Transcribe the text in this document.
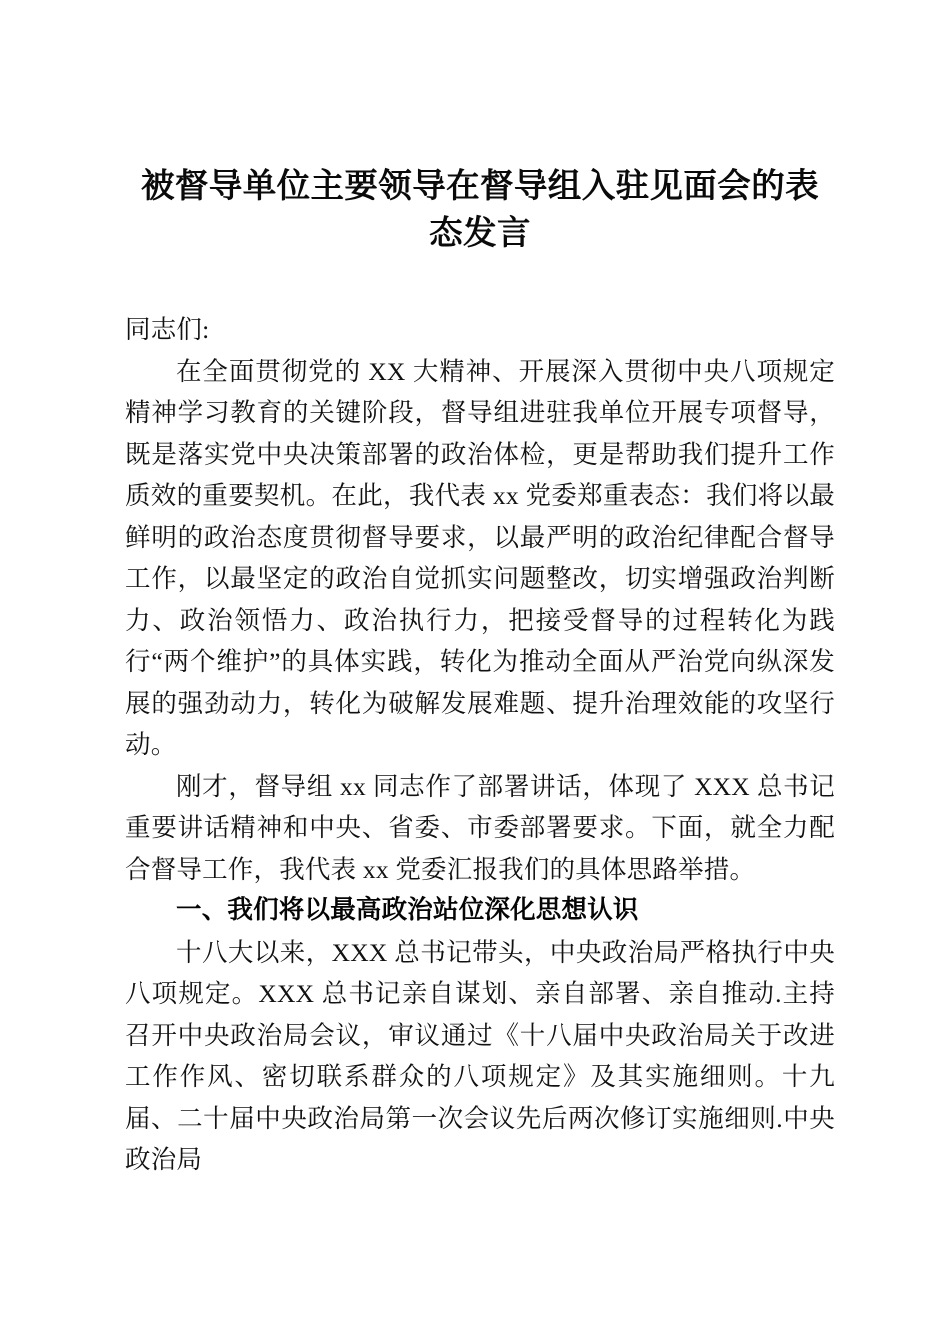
被督导单位主要领导在督导组入驻见面会的表态发言

同志们:

在全面贯彻党的 XX 大精神、开展深入贯彻中央八项规定精神学习教育的关键阶段，督导组进驻我单位开展专项督导，既是落实党中央决策部署的政治体检，更是帮助我们提升工作质效的重要契机。在此，我代表 xx 党委郑重表态：我们将以最鲜明的政治态度贯彻督导要求，以最严明的政治纪律配合督导工作，以最坚定的政治自觉抓实问题整改，切实增强政治判断力、政治领悟力、政治执行力，把接受督导的过程转化为践行“两个维护”的具体实践，转化为推动全面从严治党向纵深发展的强劲动力，转化为破解发展难题、提升治理效能的攻坚行动。

刚才，督导组 xx 同志作了部署讲话，体现了 XXX 总书记重要讲话精神和中央、省委、市委部署要求。下面，就全力配合督导工作，我代表 xx 党委汇报我们的具体思路举措。

一、我们将以最高政治站位深化思想认识

十八大以来，XXX 总书记带头，中央政治局严格执行中央八项规定。XXX 总书记亲自谋划、亲自部署、亲自推动.主持召开中央政治局会议，审议通过《十八届中央政治局关于改进工作作风、密切联系群众的八项规定》及其实施细则。十九届、二十届中央政治局第一次会议先后两次修订实施细则.中央政治局
